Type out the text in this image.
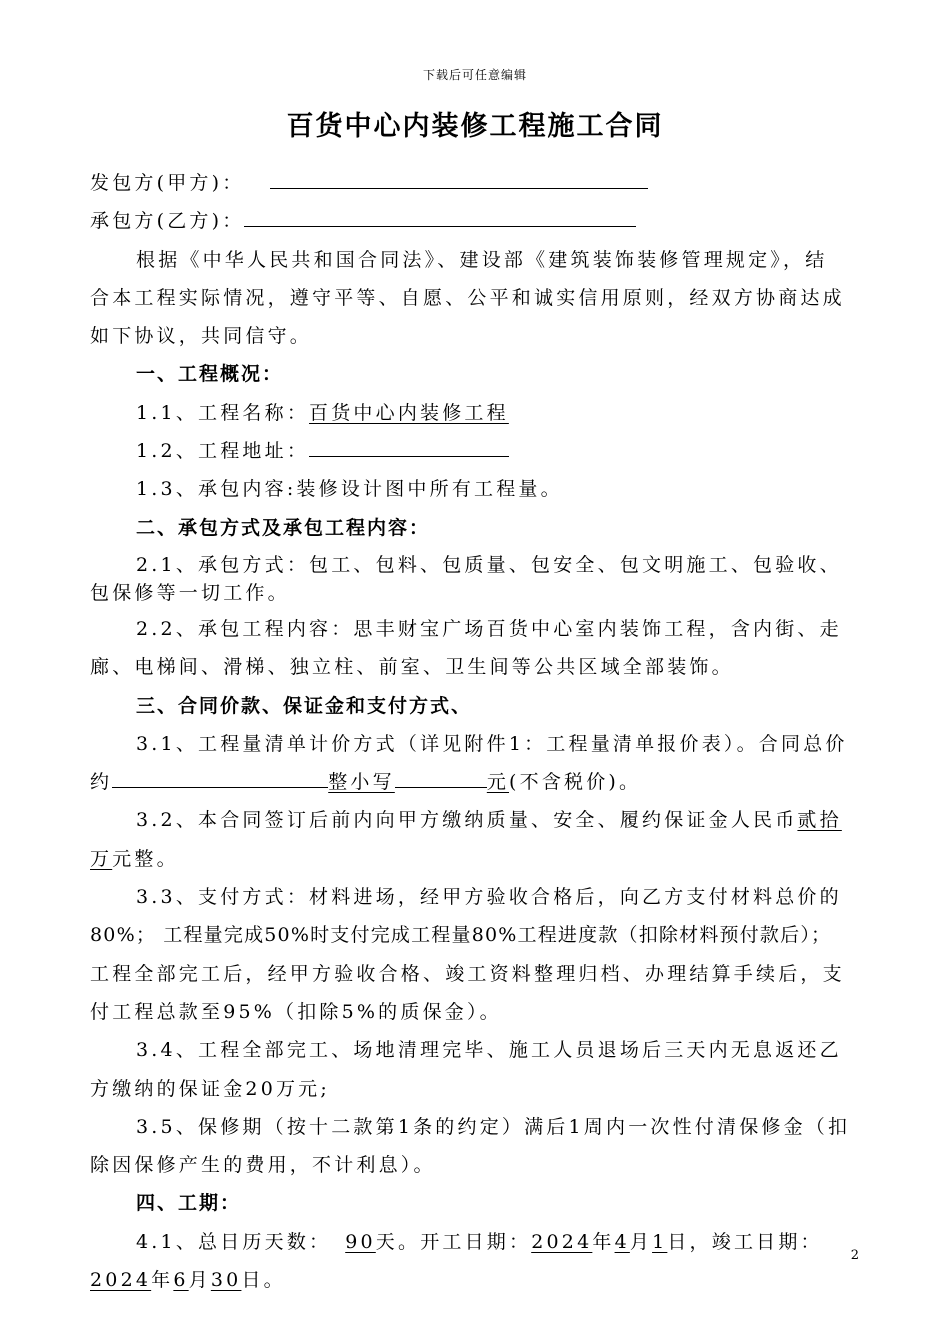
下载后可任意编辑
百货中心内装修工程施工合同
发包方(甲方)：
承包方(乙方)：
根据《中华人民共和国合同法》、建设部《建筑装饰装修管理规定》，结
合本工程实际情况，遵守平等、自愿、公平和诚实信用原则，经双方协商达成
如下协议，共同信守。
一、工程概况：
1.1、工程名称：百货中心内装修工程
1.2、工程地址：
1.3、承包内容:装修设计图中所有工程量。
二、承包方式及承包工程内容：
2.1、承包方式：包工、包料、包质量、包安全、包文明施工、包验收、
包保修等一切工作。
2.2、承包工程内容：思丰财宝广场百货中心室内装饰工程，含内街、走
廊、电梯间、滑梯、独立柱、前室、卫生间等公共区域全部装饰。
三、合同价款、保证金和支付方式、
3.1、工程量清单计价方式（详见附件1：工程量清单报价表）。合同总价
约	整小写	元(不含税价)。
3.2、本合同签订后前内向甲方缴纳质量、安全、履约保证金人民币贰拾
万元整。
3.3、支付方式：材料进场，经甲方验收合格后，向乙方支付材料总价的
80%； 工程量完成50%时支付完成工程量80%工程进度款（扣除材料预付款后）；
工程全部完工后，经甲方验收合格、竣工资料整理归档、办理结算手续后，支
付工程总款至95%（扣除5%的质保金）。
3.4、工程全部完工、场地清理完毕、施工人员退场后三天内无息返还乙
方缴纳的保证金20万元;
3.5、保修期（按十二款第1条的约定）满后1周内一次性付清保修金（扣
除因保修产生的费用，不计利息）。
四、工期：
4.1、总日历天数： 90天。开工日期：2024年4月1日，竣工日期：
2024年6月30日。
2
